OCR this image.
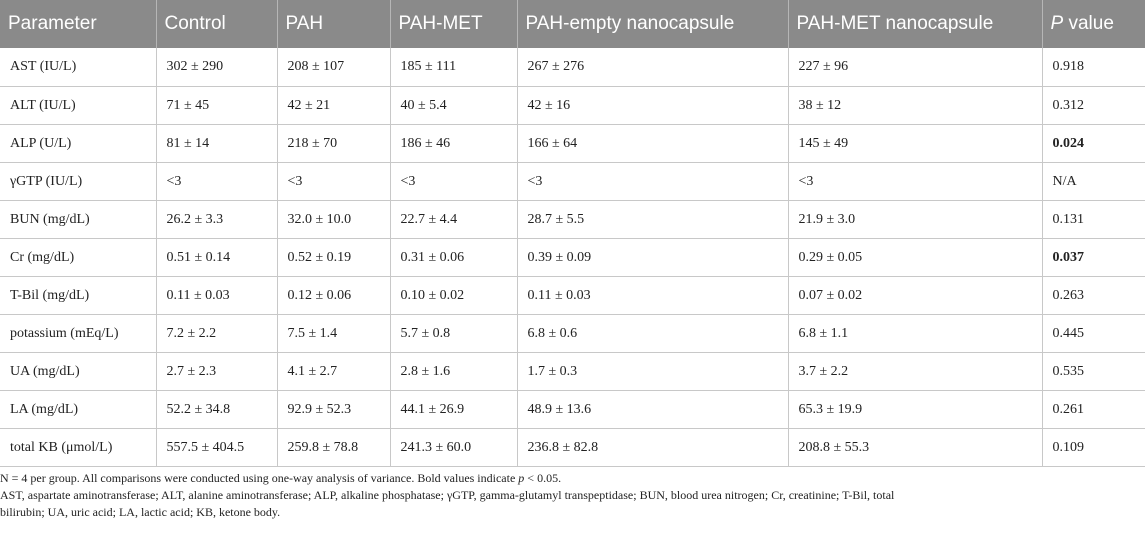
Parameter	Control	PAH	PAH-MET	PAH-empty nanocapsule	PAH-MET nanocapsule	P value
AST (IU/L)	302 ± 290	208 ± 107	185 ± 111	267 ± 276	227 ± 96	0.918
ALT (IU/L)	71 ± 45	42 ± 21	40 ± 5.4	42 ± 16	38 ± 12	0.312
ALP (U/L)	81 ± 14	218 ± 70	186 ± 46	166 ± 64	145 ± 49	0.024
γGTP (IU/L)	<3	<3	<3	<3	<3	N/A
BUN (mg/dL)	26.2 ± 3.3	32.0 ± 10.0	22.7 ± 4.4	28.7 ± 5.5	21.9 ± 3.0	0.131
Cr (mg/dL)	0.51 ± 0.14	0.52 ± 0.19	0.31 ± 0.06	0.39 ± 0.09	0.29 ± 0.05	0.037
T-Bil (mg/dL)	0.11 ± 0.03	0.12 ± 0.06	0.10 ± 0.02	0.11 ± 0.03	0.07 ± 0.02	0.263
potassium (mEq/L)	7.2 ± 2.2	7.5 ± 1.4	5.7 ± 0.8	6.8 ± 0.6	6.8 ± 1.1	0.445
UA (mg/dL)	2.7 ± 2.3	4.1 ± 2.7	2.8 ± 1.6	1.7 ± 0.3	3.7 ± 2.2	0.535
LA (mg/dL)	52.2 ± 34.8	92.9 ± 52.3	44.1 ± 26.9	48.9 ± 13.6	65.3 ± 19.9	0.261
total KB (μmol/L)	557.5 ± 404.5	259.8 ± 78.8	241.3 ± 60.0	236.8 ± 82.8	208.8 ± 55.3	0.109

N = 4 per group. All comparisons were conducted using one-way analysis of variance. Bold values indicate p < 0.05.

AST, aspartate aminotransferase; ALT, alanine aminotransferase; ALP, alkaline phosphatase; γGTP, gamma-glutamyl transpeptidase; BUN, blood urea nitrogen; Cr, creatinine; T-Bil, total

bilirubin; UA, uric acid; LA, lactic acid; KB, ketone body.
